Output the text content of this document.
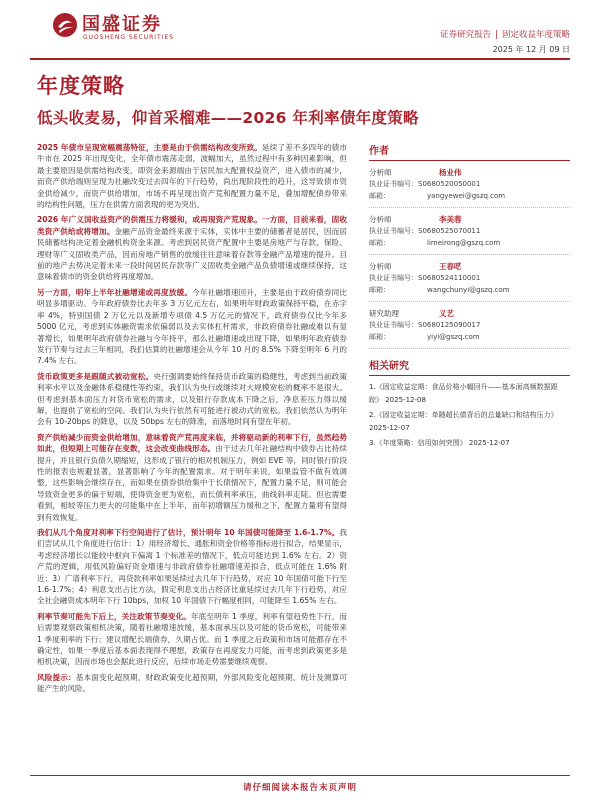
国盛证券
GUOSHENG SECURITIES	证券研究报告 | 固定收益年度策略
2025 年 12 月 09 日
年度策略
低头收麦易，仰首采榴难——2026 年利率债年度策略

2025 年债市呈现宽幅震荡特征，主要是由于供需结构改变所致。延续了差不多四年的债市牛市在 2025 年出现变化，全年债市震荡走弱，波幅加大，虽然过程中有多种因素影响，但最主要原因是供需结构改变，即资金来源端由于居民加大配置权益资产，进入债市的减少，而资产供给端则呈现为社融改变过去四年的下行趋势，尚出现阶段性的趋升，这导致债市资金供给减少，而资产供给增加，市场不再呈现出资产荒和配置力量不足，叠加增配债券带来的结构性问题，压力在供需方面表现的更为突出。

2026 年广义国收益资产的供需压力将缓和，或再现资产荒现象。一方面，目前来看，固收类资产供给或将增加。金融产品资金最终来源于实体，实体中主要的储蓄者是居民，因而居民储蓄结构决定着金融机构资金来源。考虑到居民资产配置中主要是房地产与存款、保险、理财等广义固收类产品，因而房地产销售的放缓往往意味着存款等金融产品增速的提升。目前的地产去势决定着未来一段时间居民存款等广义固收类金融产品负债增速或继续保持，这意味着债市的资金供给将再度增加。

另一方面，明年上半年社融增速或再度放缓。今年社融增速回升，主要是由于政府债券同比明显多增驱动。今年政府债券比去年多 3 万亿元左右，如果明年财政政策保持平稳，在赤字率 4%，特别国债 2 万亿元以及新增专项债 4.5 万亿元的情况下，政府债券仅比今年多 5000 亿元，考虑到实体融资需求依偏弱以及去实体杠杆需求，非政府债券社融或难以有显著增长，如果明年政府债券社融与今年持平，那么社融增速或出现下降，如果明年政府债券发行节奏与过去三年相同，我们估算的社融增速会从今年 10 月的 8.5% 下降至明年 6 月的 7.4% 左右。

货币政策更多是跟随式被动宽松。央行强调要始终保持货币政策的稳健性，考虑到当前政策利率水平以及金融体系稳健性等约束，我们认为央行或继续对大规模宽松的概率不是很大。但考虑到基本面压力对货币宽松的需求，以及银行存款成本下降之后，净息差压力得以缓解，也提供了宽松的空间。我们认为央行依然有可能进行被动式的宽松。我们依然认为明年会有 10-20bps 的降息，以及 50bps 左右的降准，而落地时间有望在年初。

资产供给减少而资金供给增加，意味着资产荒再度来临，并将驱动新的利率下行，虽然趋势如此，但短期上可能存在变数，这会改变曲线形态。由于过去几年社融结构中债券占比持续提升，并且银行负债久期缩短，这形成了银行的相对机制压力，例如 EVE 等，同时银行阶段性的报表也规避显著，显著影响了今年的配置需求。对于明年来说，如果监管不做有效调整，这些影响会继续存在，而如果在债券供给集中于长债情况下，配置力量不足，则可能会导致资金更多的偏于短端，使得资金更为宽松，而长债利率承压，曲线斜率走陡。但也需要看到，相较等压力更大的可能集中在上半年，而年初增额压力缓和之下，配置力量将有望得到有效恢复。

我们从几个角度对利率下行空间进行了估计，预计明年 10 年国债可能降至 1.6-1.7%。我们尝试从几个角度进行估计：1）用经济增长、通胀和资金价格等指标进行拟合，结果显示，考虑经济增长以能较中枢向下偏离 1 个标准差的情况下，低点可能达到 1.6% 左右。2）资产荒的逻辑，用低风险偏好资金增速与非政府债券社融增速差拟合，低点可能在 1.6% 附近；3）广谱利率下行，再贷款利率如果延续过去几年下行趋势，对应 10 年国债可能下行至 1.6-1.7%；4）利息支出占比方法，假定利息支出占经济比重延续过去几年下行趋势，对应全社会融资成本明年下行 10bps，加权 10 年国债下行幅度相同，可能降至 1.65% 左右。

利率节奏可能先下后上，关注政策节奏变化。年底至明年 1 季度，利率有望趋势性下行，而后需要观察政策相机决策，随着社融增速放缓，基本面承压以及可能的货币宽松，可能带来 1 季度利率的下行；建议增配长端债券，久期占优。而 1 季度之后政策和市场可能都存在不确定性，如果一季度后基本面表现得不理想，政策存在再度发力可能，而考虑到政策更多是相机决策，因而市场也会据此进行反应，后续市场走势需要继续观察。

风险提示：基本面变化超预期，财政政策变化超预期，外部风险变化超预期，统计及测算可能产生的风险。

作者
分析师	杨业伟
执业证书编号：S0680520050001
邮箱：	yangyewei@gszq.com
分析师	李美蓉
执业证书编号：S0680525070011
邮箱：	limeirong@gszq.com
分析师	王春呓
执业证书编号：S0680524110001
邮箱：	wangchunyi@gszq.com
研究助理	义艺
执业证书编号：S0680125090017
邮箱：	yiyi@gszq.com
相关研究
1.《固定收益定期：食品价格小幅回升——基本面高频数据跟踪》 2025-12-08
2.《固定收益定期：单随超长债背后的总量缺口和结构压力》 2025-12-07
3.《年度策略：信用如何突围》 2025-12-07
请仔细阅读本报告末页声明
